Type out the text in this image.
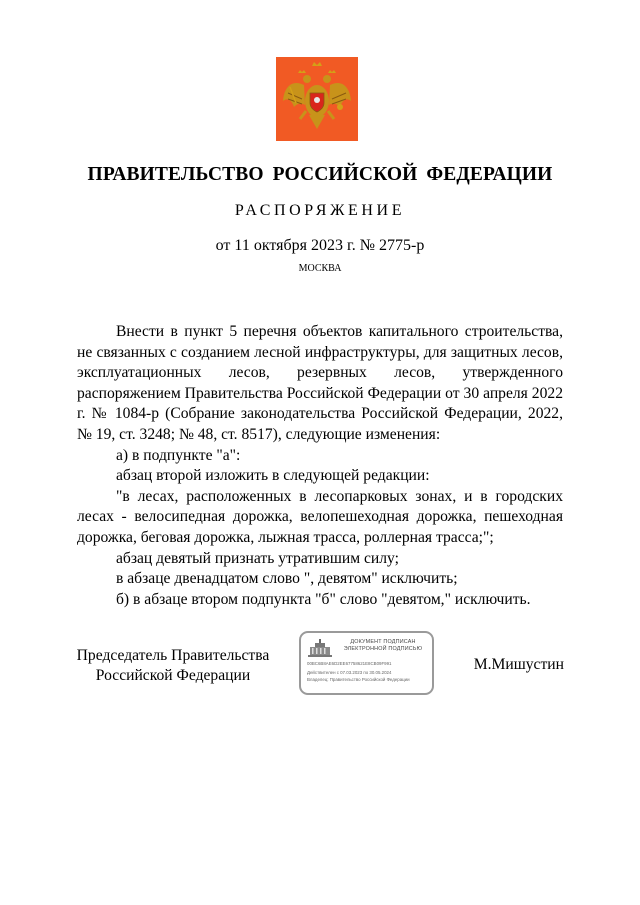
ПРАВИТЕЛЬСТВО РОССИЙСКОЙ ФЕДЕРАЦИИ
РАСПОРЯЖЕНИЕ
от 11 октября 2023 г. № 2775-р
МОСКВА

Внести в пункт 5 перечня объектов капитального строительства, не связанных с созданием лесной инфраструктуры, для защитных лесов, эксплуатационных лесов, резервных лесов, утвержденного распоряжением Правительства Российской Федерации от 30 апреля 2022 г. № 1084-р (Собрание законодательства Российской Федерации, 2022, № 19, ст. 3248; № 48, ст. 8517), следующие изменения:

а) в подпункте "а":

абзац второй изложить в следующей редакции:

"в лесах, расположенных в лесопарковых зонах, и в городских лесах - велосипедная дорожка, велопешеходная дорожка, пешеходная дорожка, беговая дорожка, лыжная трасса, роллерная трасса;";

абзац девятый признать утратившим силу;

в абзаце двенадцатом слово ", девятом" исключить;

б) в абзаце втором подпункта "б" слово "девятом," исключить.

Председатель Правительства
Российской Федерации
ДОКУМЕНТ ПОДПИСАН
ЭЛЕКТРОННОЙ ПОДПИСЬЮ
00BC6B8AE6D2EE67758621E8CB09F991
Действителен с 07.03.2023 по 30.05.2024
Владелец: Правительство Российской Федерации
М.Мишустин
